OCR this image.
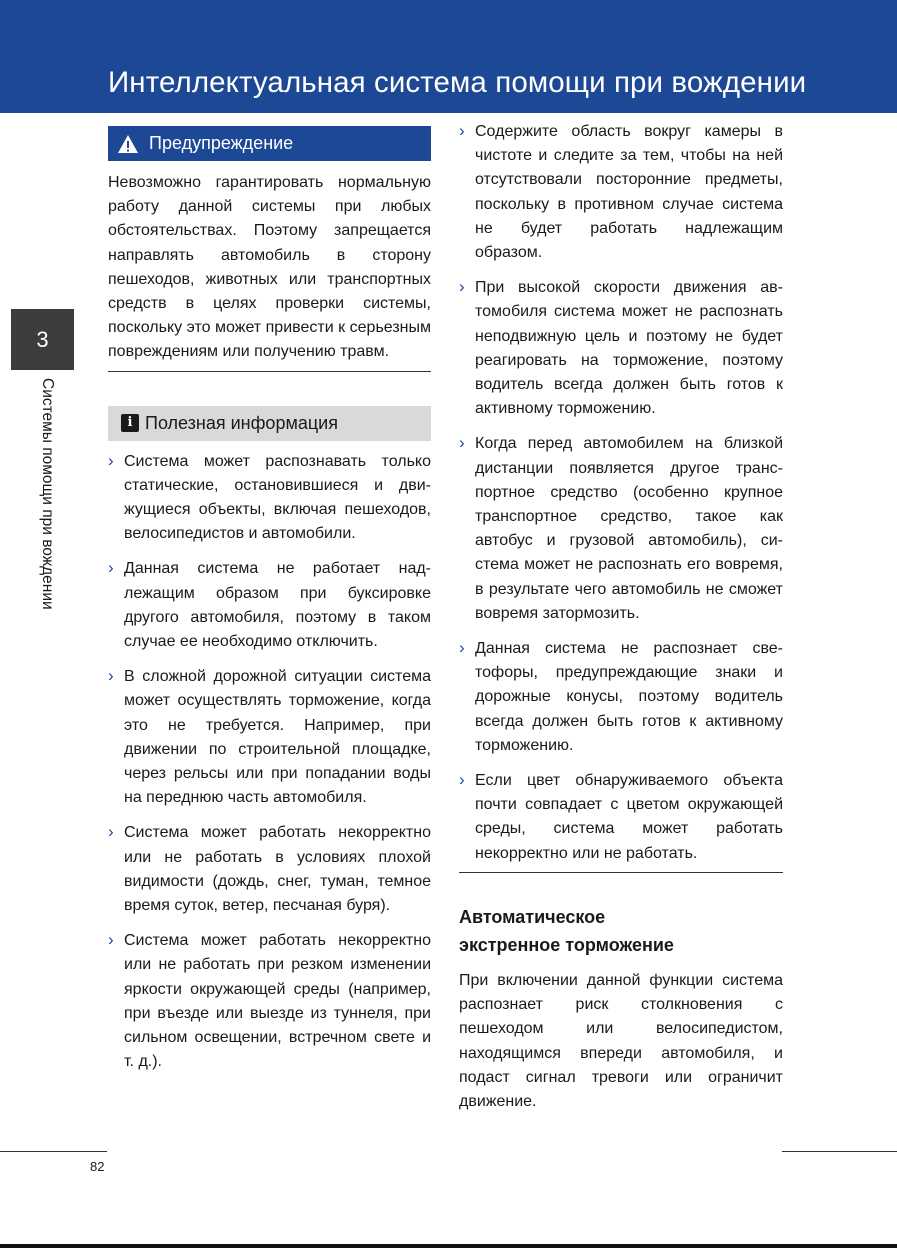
Интеллектуальная система помощи при вождении
3
Системы помощи при вождении
Предупреждение
Невозможно гарантировать нормальную работу данной системы при любых обстоятельствах. Поэтому запрещается направлять автомобиль в сторону пешеходов, животных или транспортных средств в целях проверки системы, поскольку это может привести к серьезным повреждениям или получению травм.
i Полезная информация
› Система может распознавать только статические, остановившиеся и движущиеся объекты, включая пешеходов, велосипедистов и автомобили.
› Данная система не работает надлежащим образом при буксировке другого автомобиля, поэтому в таком случае ее необходимо отключить.
› В сложной дорожной ситуации система может осуществлять торможение, когда это не требуется. Например, при движении по строительной площадке, через рельсы или при попадании воды на переднюю часть автомобиля.
› Система может работать некорректно или не работать в условиях плохой видимости (дождь, снег, туман, темное время суток, ветер, песчаная буря).
› Система может работать некорректно или не работать при резком изменении яркости окружающей среды (например, при въезде или выезде из туннеля, при сильном освещении, встречном свете и т. д.).
› Содержите область вокруг камеры в чистоте и следите за тем, чтобы на ней отсутствовали посторонние предметы, поскольку в противном случае система не будет работать надлежащим образом.
› При высокой скорости движения автомобиля система может не распознать неподвижную цель и поэтому не будет реагировать на торможение, поэтому водитель всегда должен быть готов к активному торможению.
› Когда перед автомобилем на близкой дистанции появляется другое транспортное средство (особенно крупное транспортное средство, такое как автобус и грузовой автомобиль), система может не распознать его вовремя, в результате чего автомобиль не сможет вовремя затормозить.
› Данная система не распознает светофоры, предупреждающие знаки и дорожные конусы, поэтому водитель всегда должен быть готов к активному торможению.
› Если цвет обнаруживаемого объекта почти совпадает с цветом окружающей среды, система может работать некорректно или не работать.
Автоматическое
экстренное торможение
При включении данной функции система распознает риск столкновения с пешеходом или велосипедистом, находящимся впереди автомобиля, и подаст сигнал тревоги или ограничит движение.
82
